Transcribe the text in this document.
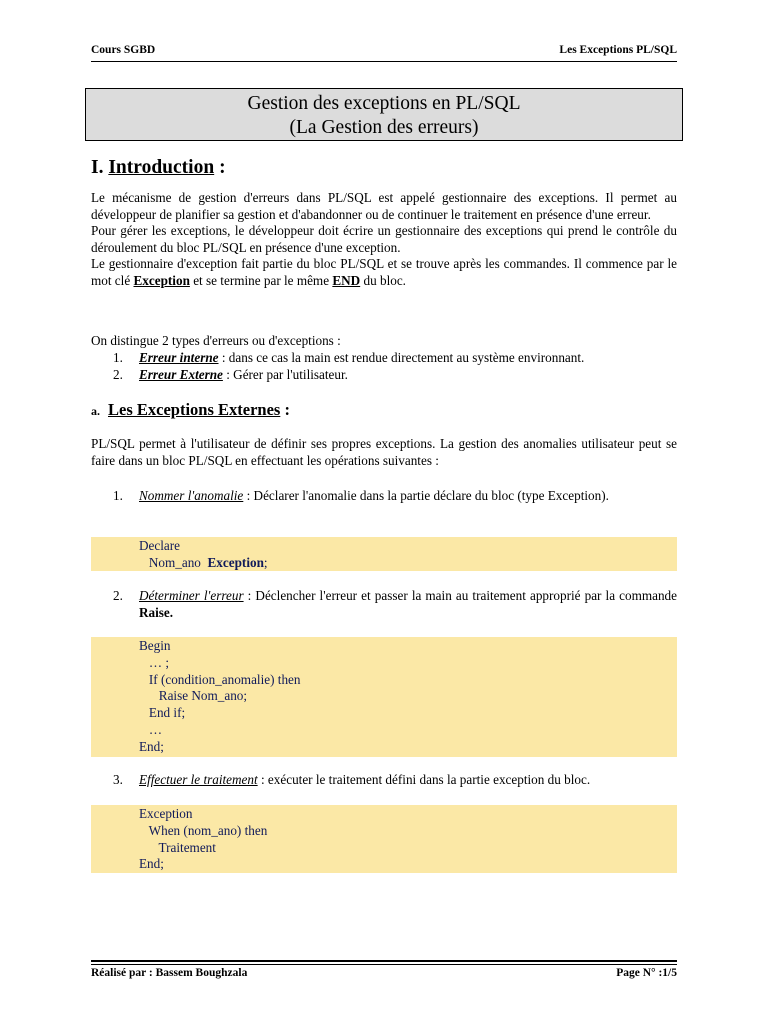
Cours SGBD	Les Exceptions PL/SQL
Gestion des exceptions en PL/SQL
(La Gestion des erreurs)
I. Introduction :

Le mécanisme de gestion d'erreurs dans PL/SQL est appelé gestionnaire des exceptions. Il permet au développeur de planifier sa gestion et d'abandonner ou de continuer le traitement en présence d'une erreur.

Pour gérer les exceptions, le développeur doit écrire un gestionnaire des exceptions qui prend le contrôle du déroulement du bloc PL/SQL en présence d'une exception.

Le gestionnaire d'exception fait partie du bloc PL/SQL et se trouve après les commandes. Il commence par le mot clé Exception et se termine par le même END du bloc.

On distingue 2 types d'erreurs ou d'exceptions :
1. Erreur interne : dans ce cas la main est rendue directement au système environnant.
2. Erreur Externe : Gérer par l'utilisateur.
a. Les Exceptions Externes :
PL/SQL permet à l'utilisateur de définir ses propres exceptions. La gestion des anomalies utilisateur peut se faire dans un bloc PL/SQL en effectuant les opérations suivantes :
1. Nommer l'anomalie : Déclarer l'anomalie dans la partie déclare du bloc (type Exception).
Declare
Nom_ano  Exception;
2. Déterminer l'erreur : Déclencher l'erreur et passer la main au traitement approprié par la commande Raise.
Begin
… ;
If (condition_anomalie) then
Raise Nom_ano;
End if;
…
End;
3. Effectuer le traitement : exécuter le traitement défini dans la partie exception du bloc.
Exception
When (nom_ano) then
Traitement
End;
Réalisé par : Bassem Boughzala	Page N° :1/5
